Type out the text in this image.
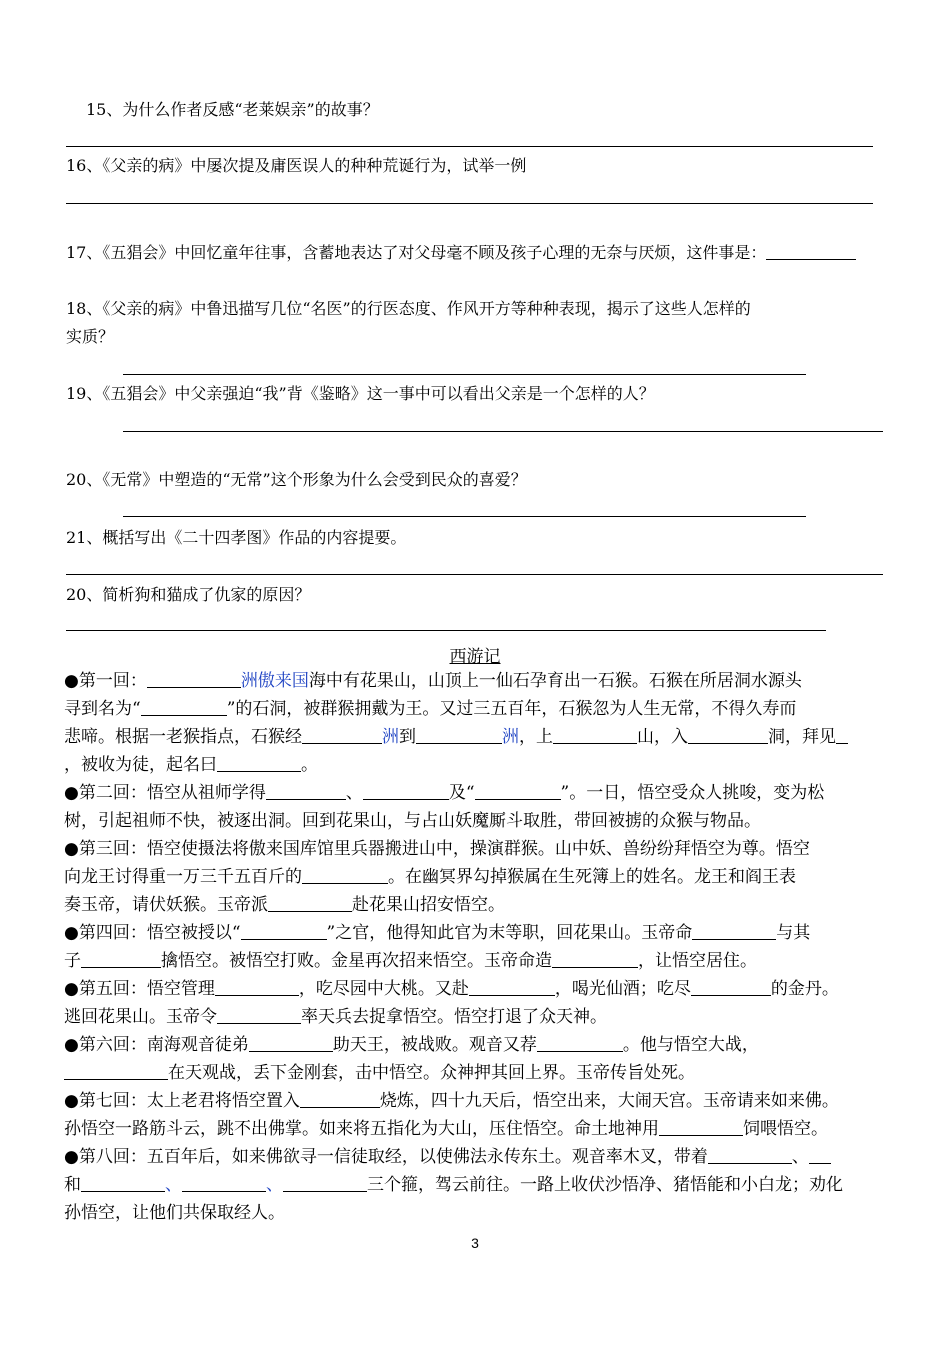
15、为什么作者反感“老莱娱亲”的故事？
16、《父亲的病》中屡次提及庸医误人的种种荒诞行为，试举一例
17、《五猖会》中回忆童年往事，含蓄地表达了对父母毫不顾及孩子心理的无奈与厌烦，这件事是：
18、《父亲的病》中鲁迅描写几位“名医”的行医态度、作风开方等种种表现，揭示了这些人怎样的
实质？
19、《五猖会》中父亲强迫“我”背《鉴略》这一事中可以看出父亲是一个怎样的人？
20、《无常》中塑造的“无常”这个形象为什么会受到民众的喜爱？
21、概括写出《二十四孝图》作品的内容提要。
20、简析狗和猫成了仇家的原因？
西游记
●第一回：	洲傲来国海中有花果山，山顶上一仙石孕育出一石猴。石猴在所居洞水源头
寻到名为“	”的石洞，被群猴拥戴为王。又过三五百年，石猴忽为人生无常，不得久寿而
悲啼。根据一老猴指点，石猴经	洲到	洲，上	山，入	洞，拜见
，被收为徒，起名曰	。
●第二回：悟空从祖师学得	、	及“	”。一日，悟空受众人挑唆，变为松
树，引起祖师不快，被逐出洞。回到花果山，与占山妖魔厮斗取胜，带回被掳的众猴与物品。
●第三回：悟空使摄法将傲来国库馆里兵器搬进山中，操演群猴。山中妖、兽纷纷拜悟空为尊。悟空
向龙王讨得重一万三千五百斤的	。在幽冥界勾掉猴属在生死簿上的姓名。龙王和阎王表
奏玉帝，请伏妖猴。玉帝派	赴花果山招安悟空。
●第四回：悟空被授以“	”之官，他得知此官为末等职，回花果山。玉帝命	与其
子	擒悟空。被悟空打败。金星再次招来悟空。玉帝命造	，让悟空居住。
●第五回：悟空管理	，吃尽园中大桃。又赴	，喝光仙酒；吃尽	的金丹。
逃回花果山。玉帝令	率天兵去捉拿悟空。悟空打退了众天神。
●第六回：南海观音徒弟	助天王，被战败。观音又荐	。他与悟空大战，
在天观战，丢下金刚套，击中悟空。众神押其回上界。玉帝传旨处死。
●第七回：太上老君将悟空置入	烧炼，四十九天后，悟空出来，大闹天宫。玉帝请来如来佛。
孙悟空一路筋斗云，跳不出佛掌。如来将五指化为大山，压住悟空。命土地神用	饲喂悟空。
●第八回：五百年后，如来佛欲寻一信徒取经，以使佛法永传东土。观音率木叉，带着	、
和	、	、	三个箍，驾云前往。一路上收伏沙悟净、猪悟能和小白龙；劝化
孙悟空，让他们共保取经人。
3
